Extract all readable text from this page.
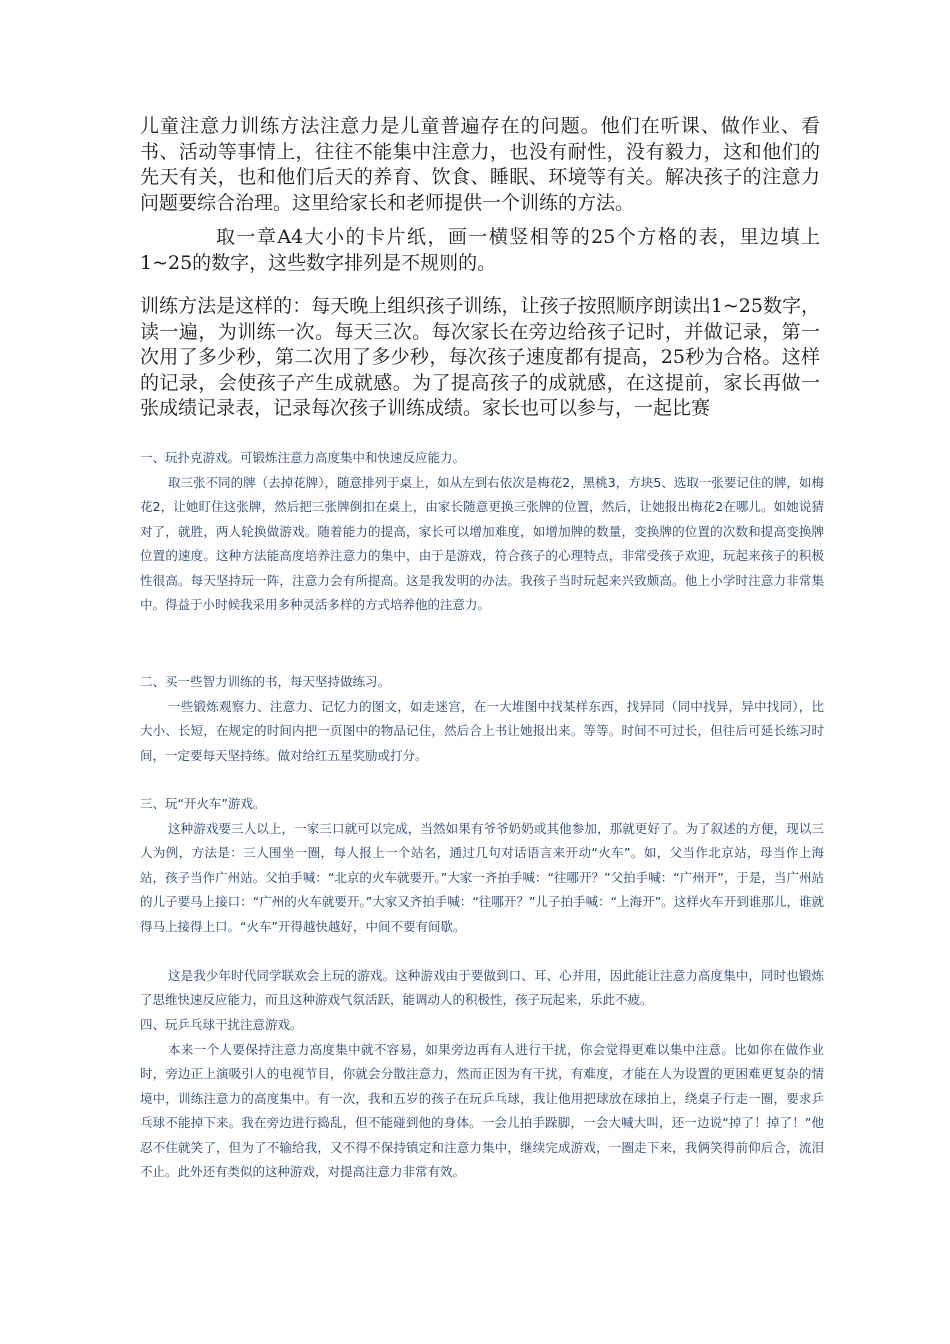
儿童注意力训练方法注意力是儿童普遍存在的问题。他们在听课、做作业、看书、活动等事情上，往往不能集中注意力，也没有耐性，没有毅力，这和他们的先天有关，也和他们后天的养育、饮食、睡眠、环境等有关。解决孩子的注意力问题要综合治理。这里给家长和老师提供一个训练的方法。

取一章A4大小的卡片纸，画一横竖相等的25个方格的表，里边填上1~25的数字，这些数字排列是不规则的。

训练方法是这样的：每天晚上组织孩子训练，让孩子按照顺序朗读出1~25数字，读一遍，为训练一次。每天三次。每次家长在旁边给孩子记时，并做记录，第一次用了多少秒，第二次用了多少秒，每次孩子速度都有提高，25秒为合格。这样的记录，会使孩子产生成就感。为了提高孩子的成就感，在这提前，家长再做一张成绩记录表，记录每次孩子训练成绩。家长也可以参与，一起比赛

一、玩扑克游戏。可锻炼注意力高度集中和快速反应能力。

取三张不同的牌（去掉花牌），随意排列于桌上，如从左到右依次是梅花2，黑桃3，方块5、选取一张要记住的牌，如梅花2，让她盯住这张牌，然后把三张牌倒扣在桌上，由家长随意更换三张牌的位置，然后，让她报出梅花2在哪儿。如她说猜对了，就胜，两人轮换做游戏。随着能力的提高，家长可以增加难度，如增加牌的数量，变换牌的位置的次数和提高变换牌位置的速度。这种方法能高度培养注意力的集中，由于是游戏，符合孩子的心理特点，非常受孩子欢迎，玩起来孩子的积极性很高。每天坚持玩一阵，注意力会有所提高。这是我发明的办法。我孩子当时玩起来兴致颇高。他上小学时注意力非常集中。得益于小时候我采用多种灵活多样的方式培养他的注意力。

二、买一些智力训练的书，每天坚持做练习。

一些锻炼观察力、注意力、记忆力的图文，如走迷宫，在一大堆图中找某样东西，找异同（同中找异，异中找同），比大小、长短，在规定的时间内把一页图中的物品记住，然后合上书让她报出来。等等。时间不可过长，但往后可延长练习时间，一定要每天坚持练。做对给红五星奖励或打分。

三、玩“开火车”游戏。

这种游戏要三人以上，一家三口就可以完成，当然如果有爷爷奶奶或其他参加，那就更好了。为了叙述的方便，现以三人为例，方法是：三人围坐一圈，每人报上一个站名，通过几句对话语言来开动“火车”。如，父当作北京站，母当作上海站，孩子当作广州站。父拍手喊：“北京的火车就要开。”大家一齐拍手喊：“往哪开？”父拍手喊：“广州开”，于是，当广州站的儿子要马上接口：“广州的火车就要开。”大家又齐拍手喊：“往哪开？”儿子拍手喊：“上海开”。这样火车开到谁那儿，谁就得马上接得上口。“火车”开得越快越好，中间不要有间歇。

这是我少年时代同学联欢会上玩的游戏。这种游戏由于要做到口、耳、心并用，因此能让注意力高度集中，同时也锻炼了思维快速反应能力，而且这种游戏气氛活跃，能调动人的积极性，孩子玩起来，乐此不疲。

四、玩乒乓球干扰注意游戏。

本来一个人要保持注意力高度集中就不容易，如果旁边再有人进行干扰，你会觉得更难以集中注意。比如你在做作业时，旁边正上演吸引人的电视节目，你就会分散注意力，然而正因为有干扰，有难度，才能在人为设置的更困难更复杂的情境中，训练注意力的高度集中。有一次，我和五岁的孩子在玩乒乓球，我让他用把球放在球拍上，绕桌子行走一圈，要求乒乓球不能掉下来。我在旁边进行捣乱，但不能碰到他的身体。一会儿拍手跺脚，一会大喊大叫，还一边说“掉了！掉了！”他忍不住就笑了，但为了不输给我，又不得不保持镇定和注意力集中，继续完成游戏，一圈走下来，我俩笑得前仰后合，流泪不止。此外还有类似的这种游戏，对提高注意力非常有效。
